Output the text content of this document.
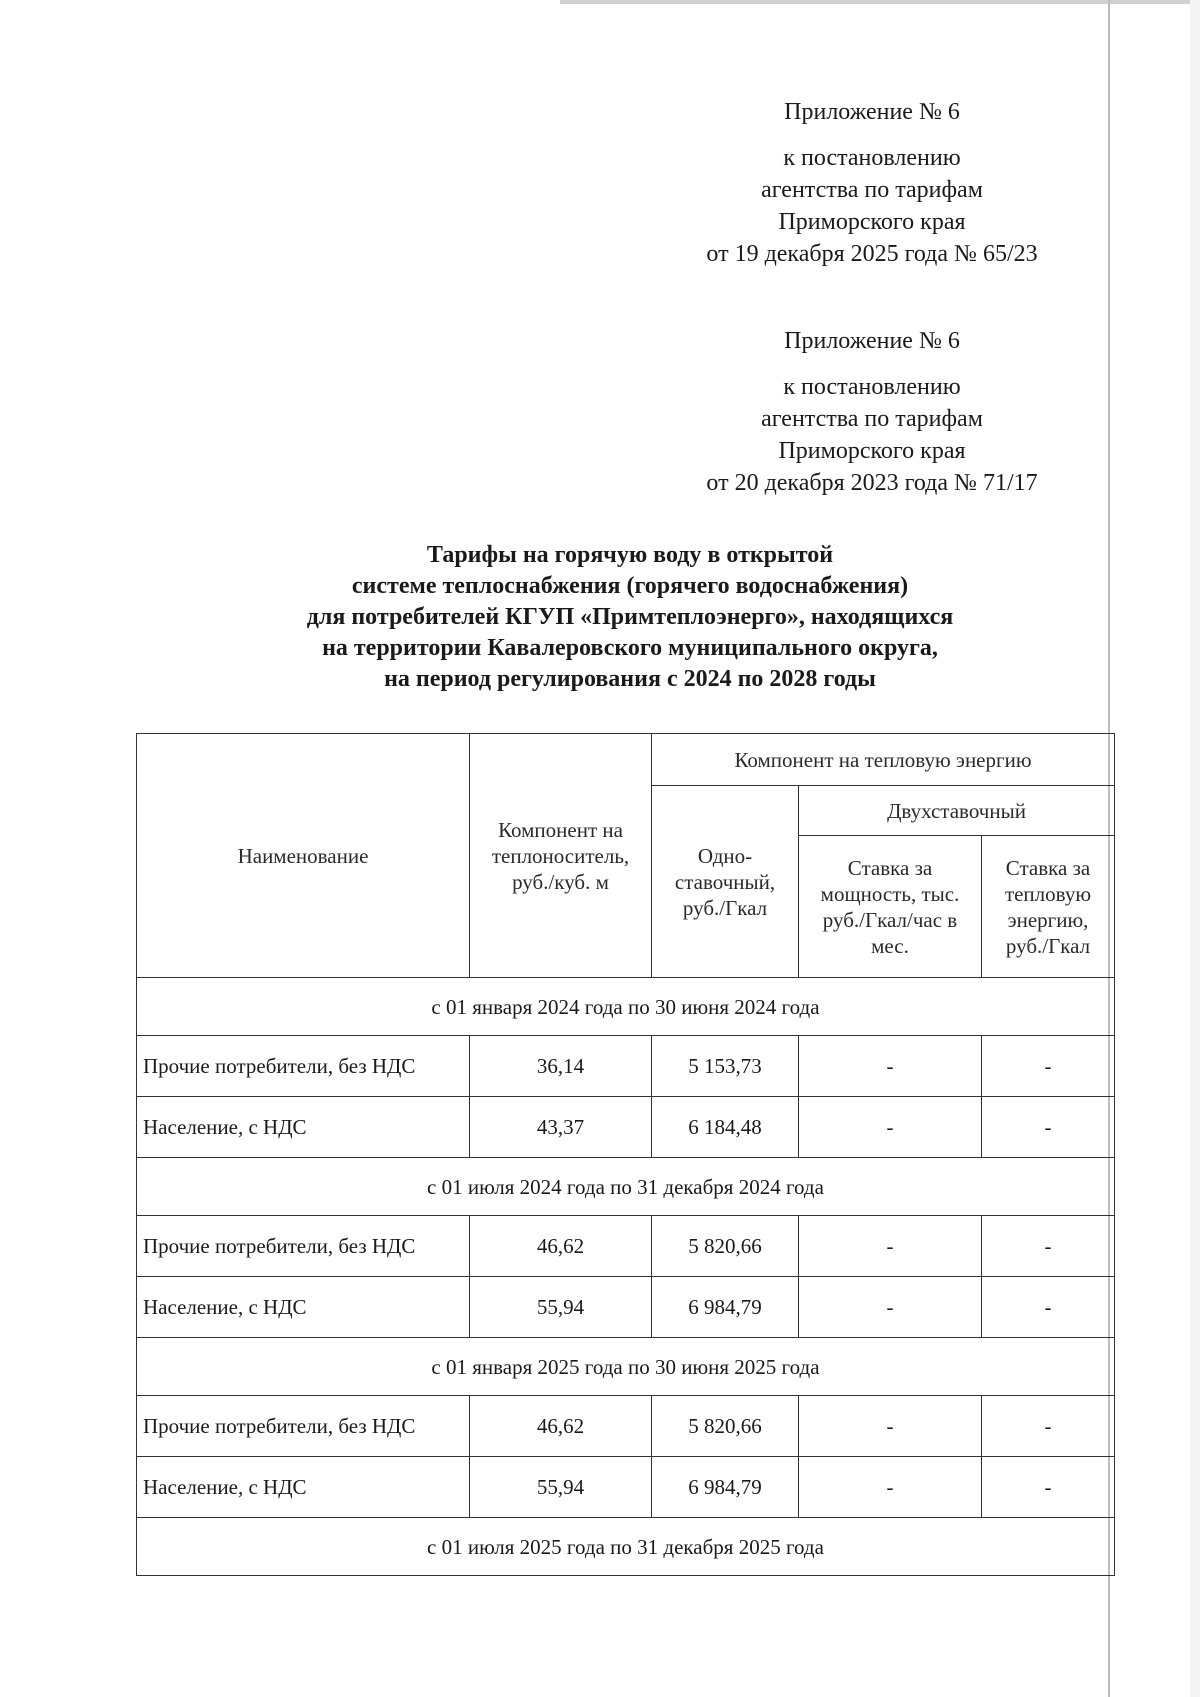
Приложение № 6
к постановлению
агентства по тарифам
Приморского края
от 19 декабря 2025 года № 65/23
Приложение № 6
к постановлению
агентства по тарифам
Приморского края
от 20 декабря 2023 года № 71/17
Тарифы на горячую воду в открытой
системе теплоснабжения (горячего водоснабжения)
для потребителей КГУП «Примтеплоэнерго», находящихся
на территории Кавалеровского муниципального округа,
на период регулирования с 2024 по 2028 годы
Наименование	Компонент на теплоноситель, руб./куб. м	Компонент на тепловую энергию		
		Одно-ставочный, руб./Гкал	Двухставочный	
			Ставка за мощность, тыс. руб./Гкал/час в мес.	Ставка за тепловую энергию, руб./Гкал
с 01 января 2024 года по 30 июня 2024 года				
Прочие потребители, без НДС	36,14	5 153,73	-	-
Население, с НДС	43,37	6 184,48	-	-
с 01 июля 2024 года по 31 декабря 2024 года				
Прочие потребители, без НДС	46,62	5 820,66	-	-
Население, с НДС	55,94	6 984,79	-	-
с 01 января 2025 года по 30 июня 2025 года				
Прочие потребители, без НДС	46,62	5 820,66	-	-
Население, с НДС	55,94	6 984,79	-	-
с 01 июля 2025 года по 31 декабря 2025 года				
